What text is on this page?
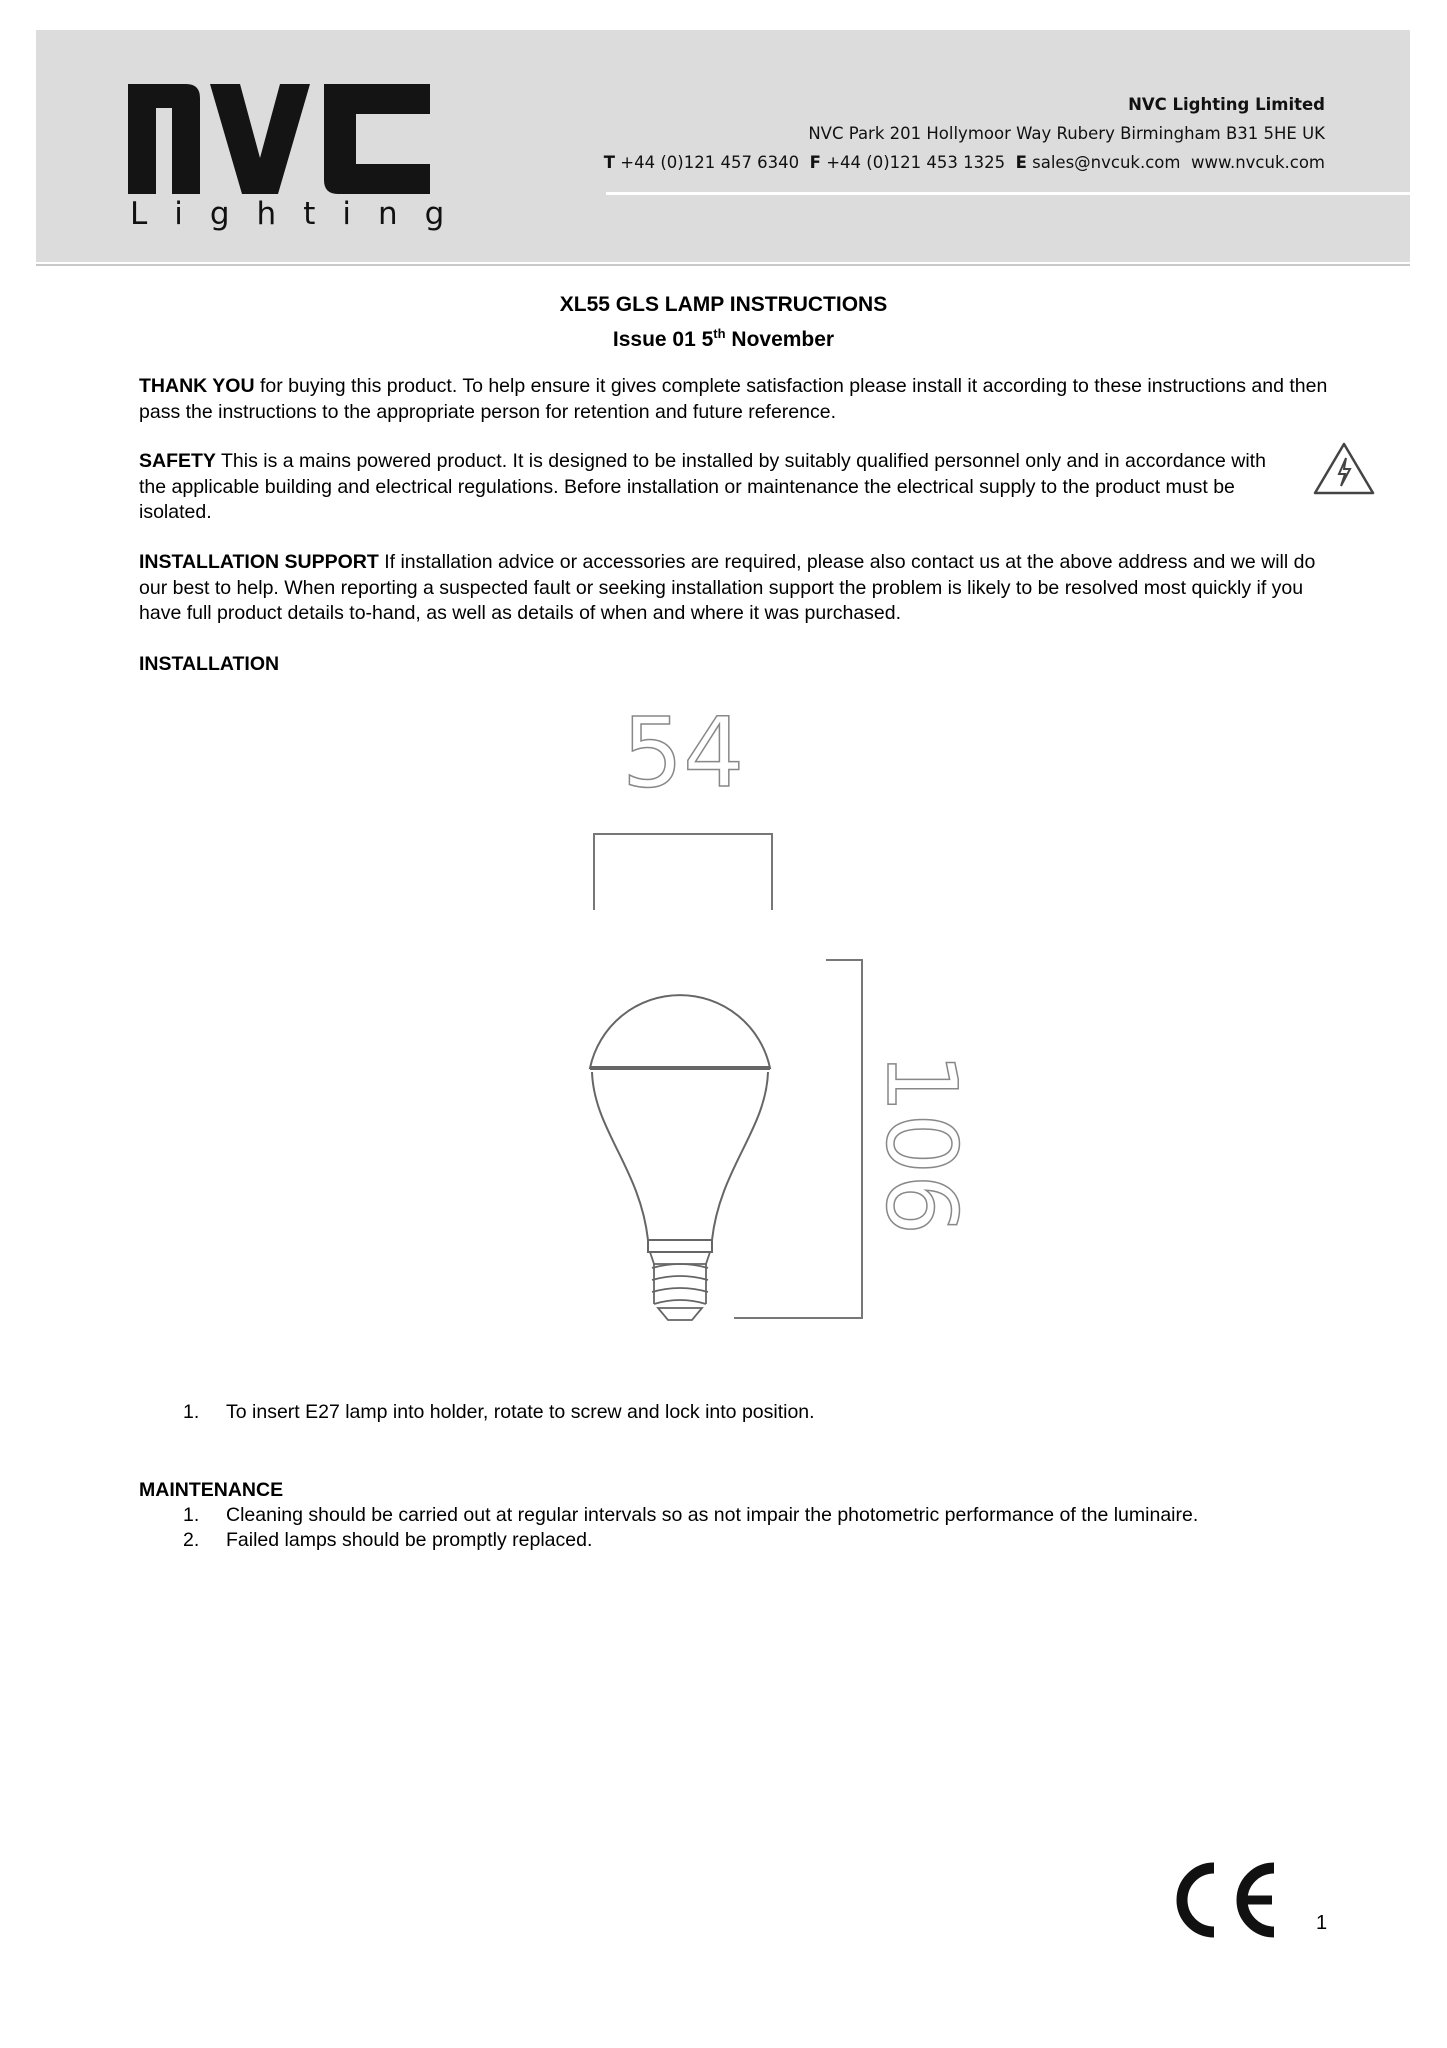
Lighting
NVC Lighting Limited
NVC Park 201 Hollymoor Way Rubery Birmingham B31 5HE UK
T +44 (0)121 457 6340 F +44 (0)121 453 1325 E sales@nvcuk.com www.nvcuk.com
XL55 GLS LAMP INSTRUCTIONS
Issue 01 5th November
THANK YOU for buying this product. To help ensure it gives complete satisfaction please install it according to these instructions and then pass the instructions to the appropriate person for retention and future reference.
SAFETY This is a mains powered product. It is designed to be installed by suitably qualified personnel only and in accordance with the applicable building and electrical regulations. Before installation or maintenance the electrical supply to the product must be isolated.
INSTALLATION SUPPORT If installation advice or accessories are required, please also contact us at the above address and we will do our best to help. When reporting a suspected fault or seeking installation support the problem is likely to be resolved most quickly if you have full product details to-hand, as well as details of when and where it was purchased.
INSTALLATION
54
106
1. To insert E27 lamp into holder, rotate to screw and lock into position.
MAINTENANCE
1. Cleaning should be carried out at regular intervals so as not impair the photometric performance of the luminaire.
2. Failed lamps should be promptly replaced.
1
